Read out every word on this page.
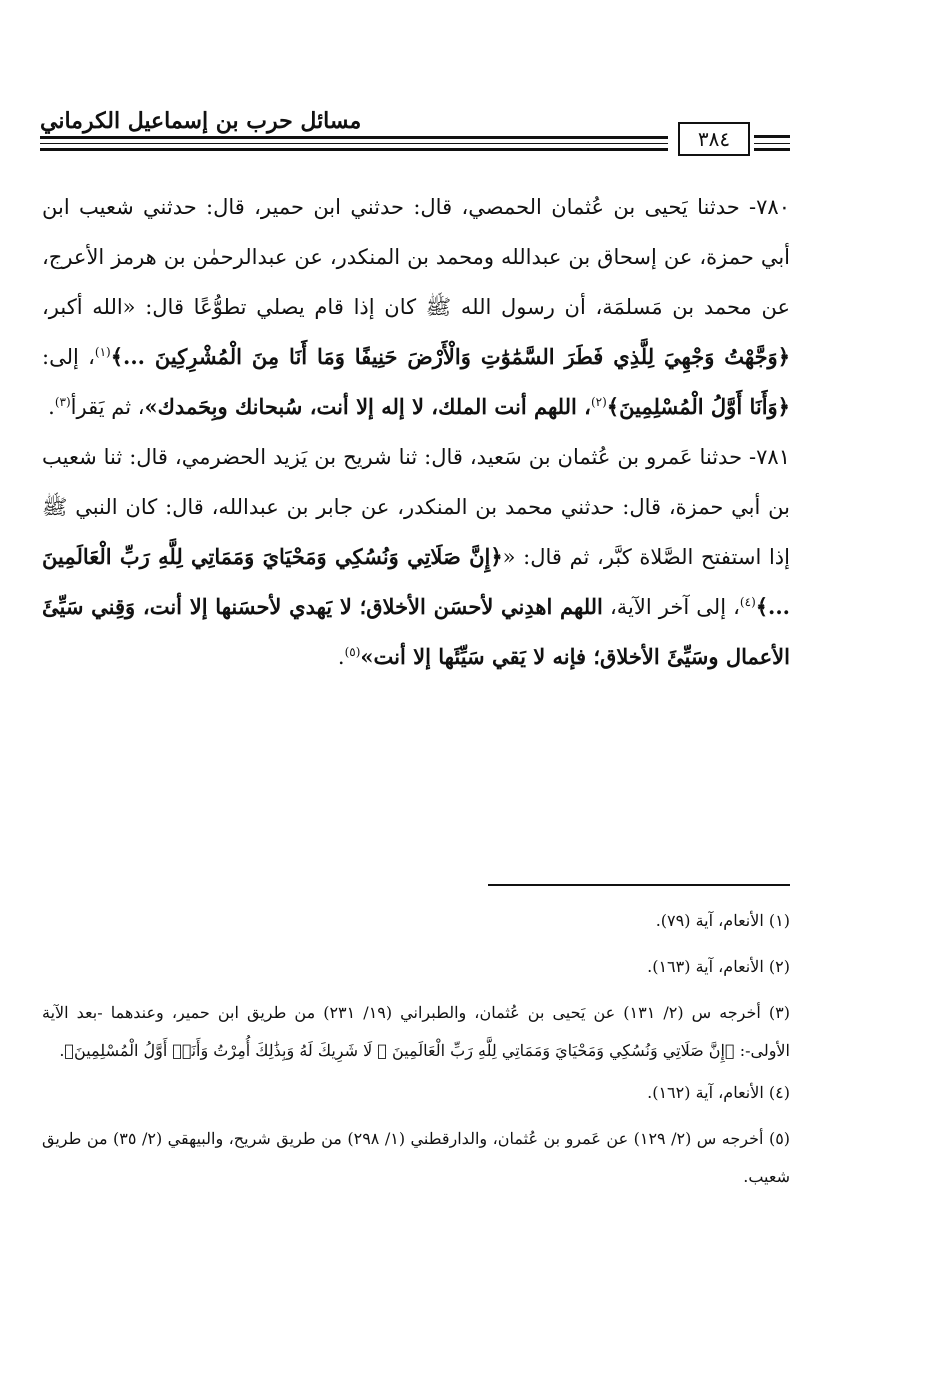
مسائل حرب بن إسماعيل الكرماني
٣٨٤

٧٨٠- حدثنا يَحيى بن عُثمان الحمصي، قال: حدثني ابن حمير، قال: حدثني شعيب ابن أبي حمزة، عن إسحاق بن عبدالله ومحمد بن المنكدر، عن عبدالرحمٰن بن هرمز الأعرج، عن محمد بن مَسلمَة، أن رسول الله ﷺ كان إذا قام يصلي تطوُّعًا قال: «الله أكبر، ﴿وَجَّهْتُ وَجْهِيَ لِلَّذِي فَطَرَ السَّمَٰوَٰتِ وَالْأَرْضَ حَنِيفًا وَمَا أَنَا مِنَ الْمُشْرِكِينَ ...﴾$^{(١)}$، إلى: ﴿وَأَنَا أَوَّلُ الْمُسْلِمِينَ﴾$^{(٢)}$، اللهم أنت الملك، لا إله إلا أنت، سُبحانك وبِحَمدك»، ثم يَقرأ$^{(٣)}$.

٧٨١- حدثنا عَمرو بن عُثمان بن سَعيد، قال: ثنا شريح بن يَزيد الحضرمي، قال: ثنا شعيب بن أبي حمزة، قال: حدثني محمد بن المنكدر، عن جابر بن عبدالله، قال: كان النبي ﷺ إذا استفتح الصَّلاة كبَّر، ثم قال: «﴿إِنَّ صَلَاتِي وَنُسُكِي وَمَحْيَايَ وَمَمَاتِي لِلَّهِ رَبِّ الْعَالَمِينَ ...﴾$^{(٤)}$، إلى آخر الآية، اللهم اهدِني لأحسَن الأخلاق؛ لا يَهدي لأحسَنها إلا أنت، وَقِني سَيِّئَ الأعمال وسَيِّئَ الأخلاق؛ فإنه لا يَقي سَيِّئَها إلا أنت»$^{(٥)}$.

(١) الأنعام، آية (٧٩).

(٢) الأنعام، آية (١٦٣).

(٣) أخرجه س (٢/ ١٣١) عن يَحيى بن عُثمان، والطبراني (١٩/ ٢٣١) من طريق ابن حمير، وعندهما -بعد الآية الأولى-: ﴿إِنَّ صَلَاتِي وَنُسُكِي وَمَحْيَايَ وَمَمَاتِي لِلَّهِ رَبِّ الْعَالَمِينَ ۞ لَا شَرِيكَ لَهُ وَبِذَٰلِكَ أُمِرْتُ وَأَنَا۠ أَوَّلُ الْمُسْلِمِينَ﴾.

(٤) الأنعام، آية (١٦٢).

(٥) أخرجه س (٢/ ١٢٩) عن عَمرو بن عُثمان، والدارقطني (١/ ٢٩٨) من طريق شريح، والبيهقي (٢/ ٣٥) من طريق شعيب.
